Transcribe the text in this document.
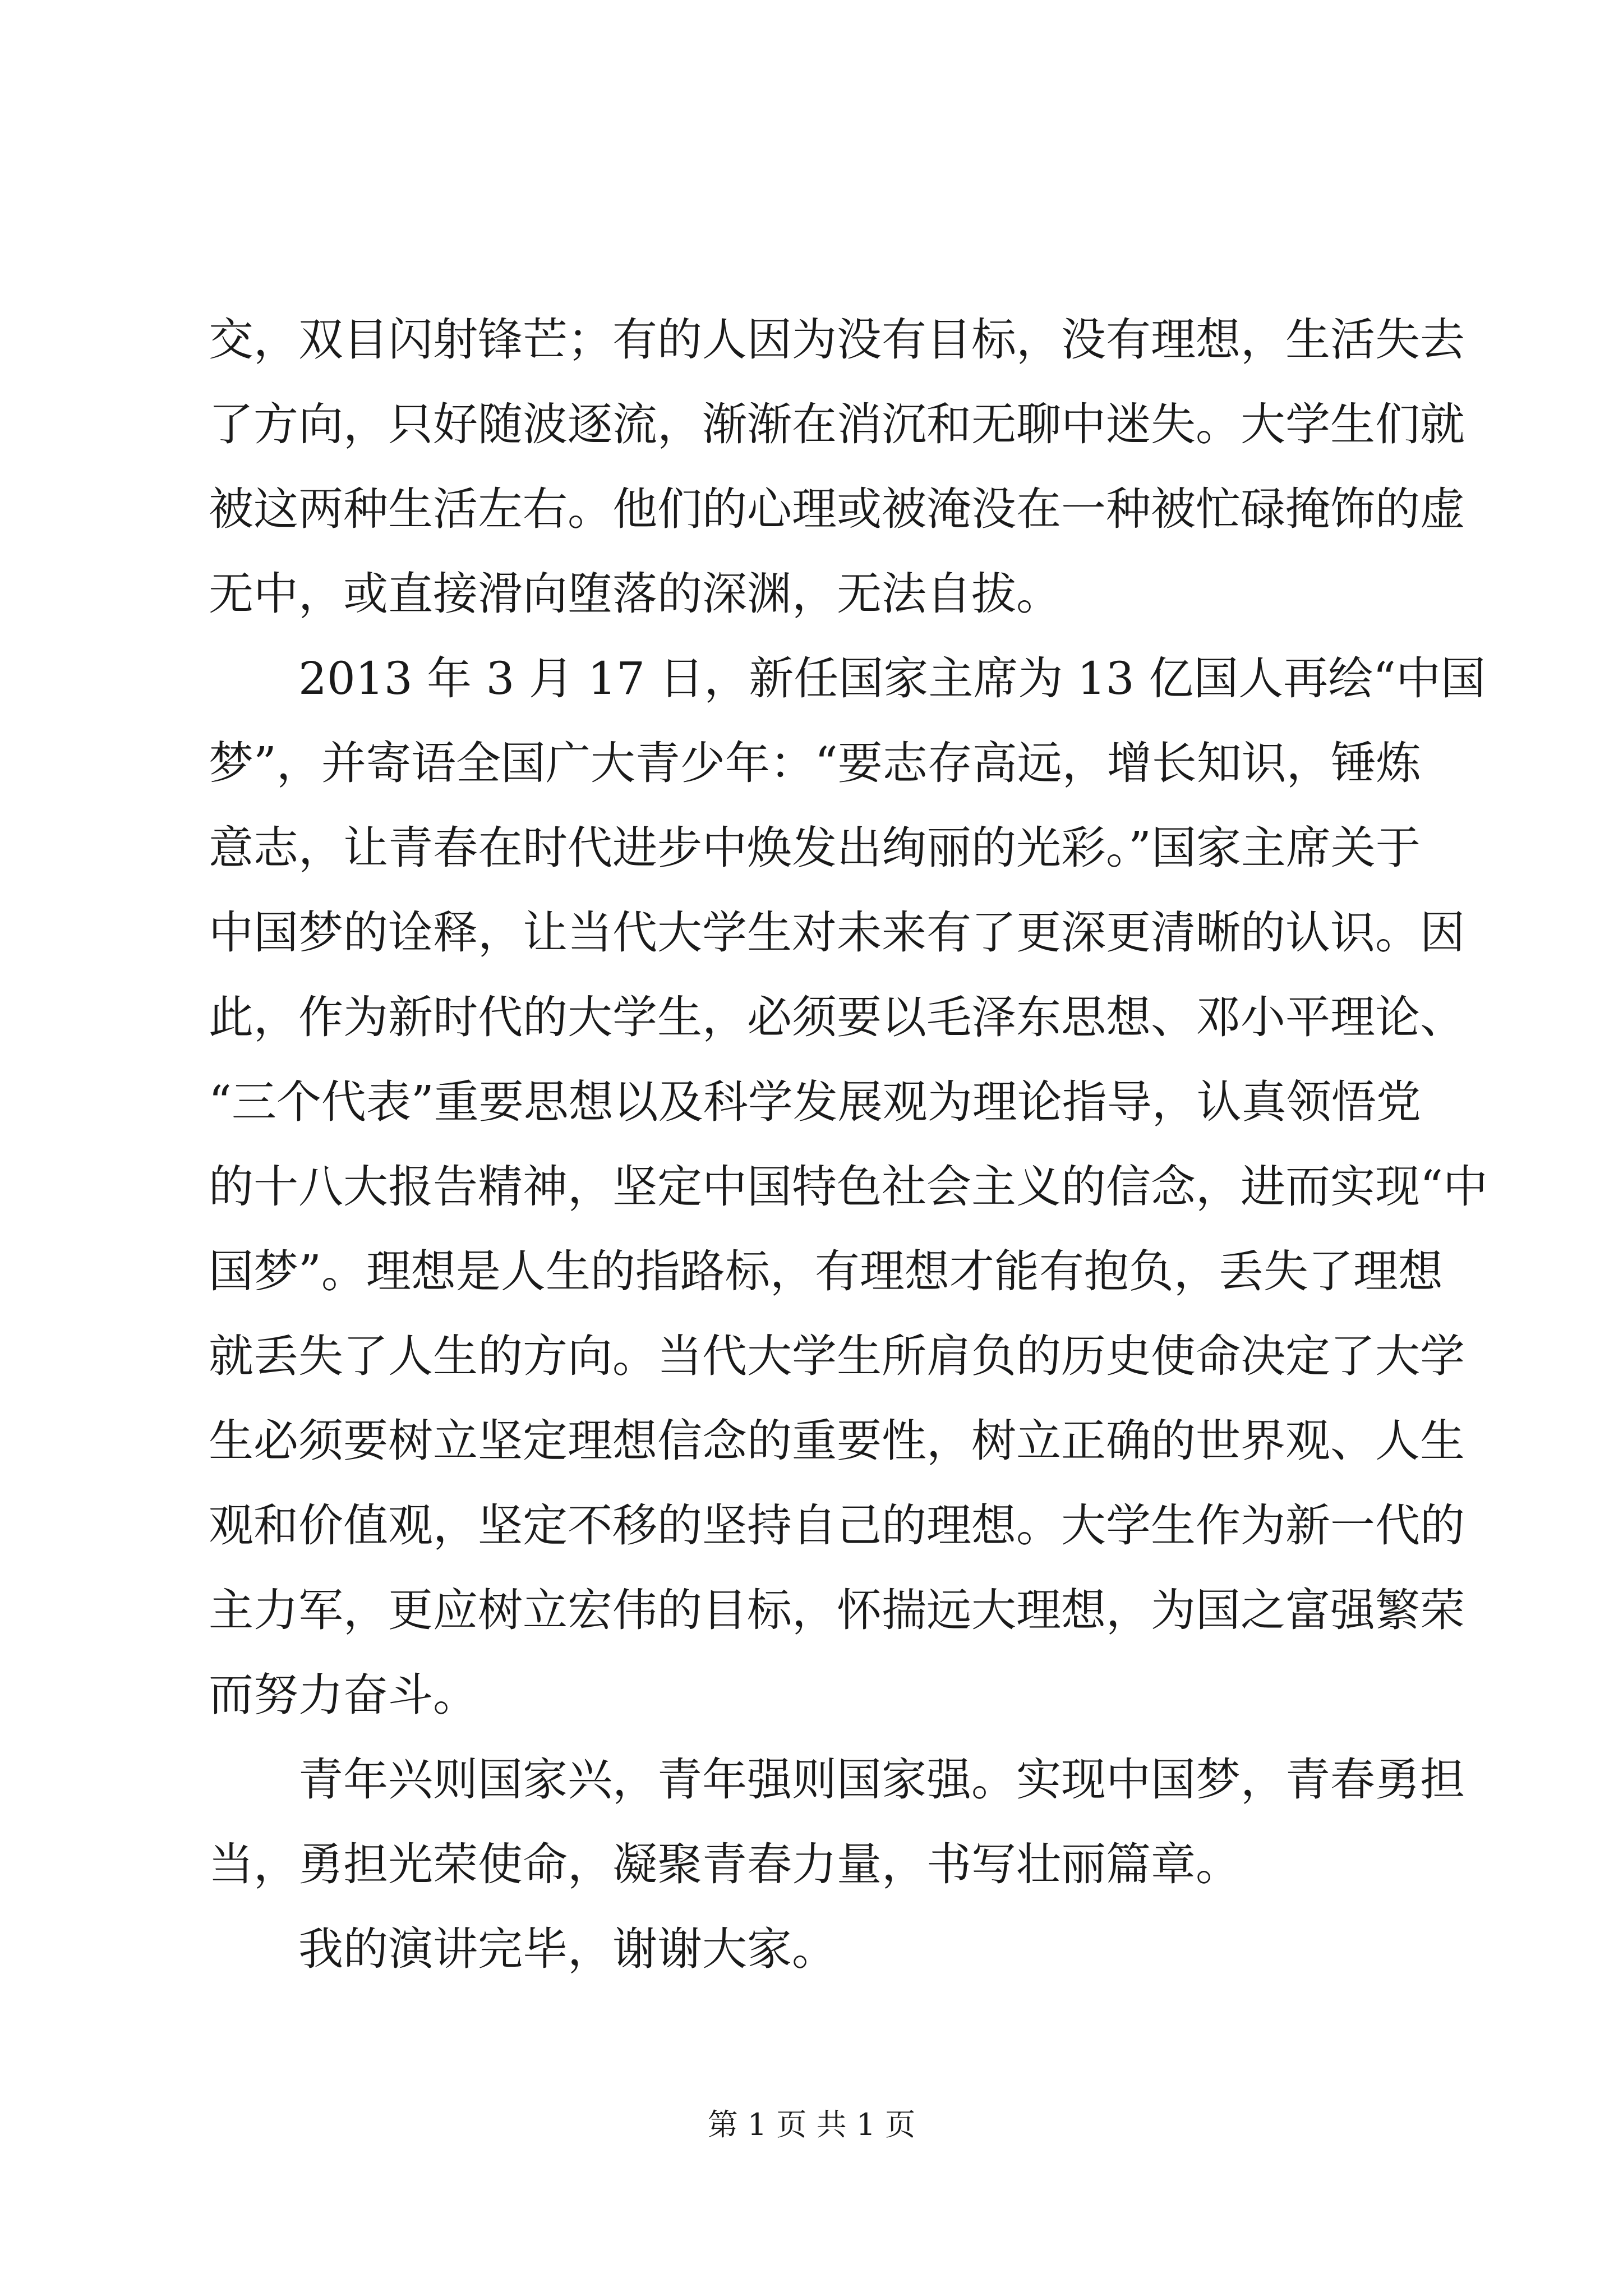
交，双目闪射锋芒；有的人因为没有目标，没有理想，生活失去
了方向，只好随波逐流，渐渐在消沉和无聊中迷失。大学生们就
被这两种生活左右。他们的心理或被淹没在一种被忙碌掩饰的虚
无中，或直接滑向堕落的深渊，无法自拔。
2013 年 3 月 17 日，新任国家主席为 13 亿国人再绘“中国
梦”，并寄语全国广大青少年：“要志存高远，增长知识，锤炼
意志，让青春在时代进步中焕发出绚丽的光彩。”国家主席关于
中国梦的诠释，让当代大学生对未来有了更深更清晰的认识。因
此，作为新时代的大学生，必须要以毛泽东思想、邓小平理论、
“三个代表”重要思想以及科学发展观为理论指导，认真领悟党
的十八大报告精神，坚定中国特色社会主义的信念，进而实现“中
国梦”。理想是人生的指路标，有理想才能有抱负，丢失了理想
就丢失了人生的方向。当代大学生所肩负的历史使命决定了大学
生必须要树立坚定理想信念的重要性，树立正确的世界观、人生
观和价值观，坚定不移的坚持自己的理想。大学生作为新一代的
主力军，更应树立宏伟的目标，怀揣远大理想，为国之富强繁荣
而努力奋斗。
青年兴则国家兴，青年强则国家强。实现中国梦，青春勇担
当，勇担光荣使命，凝聚青春力量，书写壮丽篇章。
我的演讲完毕，谢谢大家。
第 1 页 共 1 页
